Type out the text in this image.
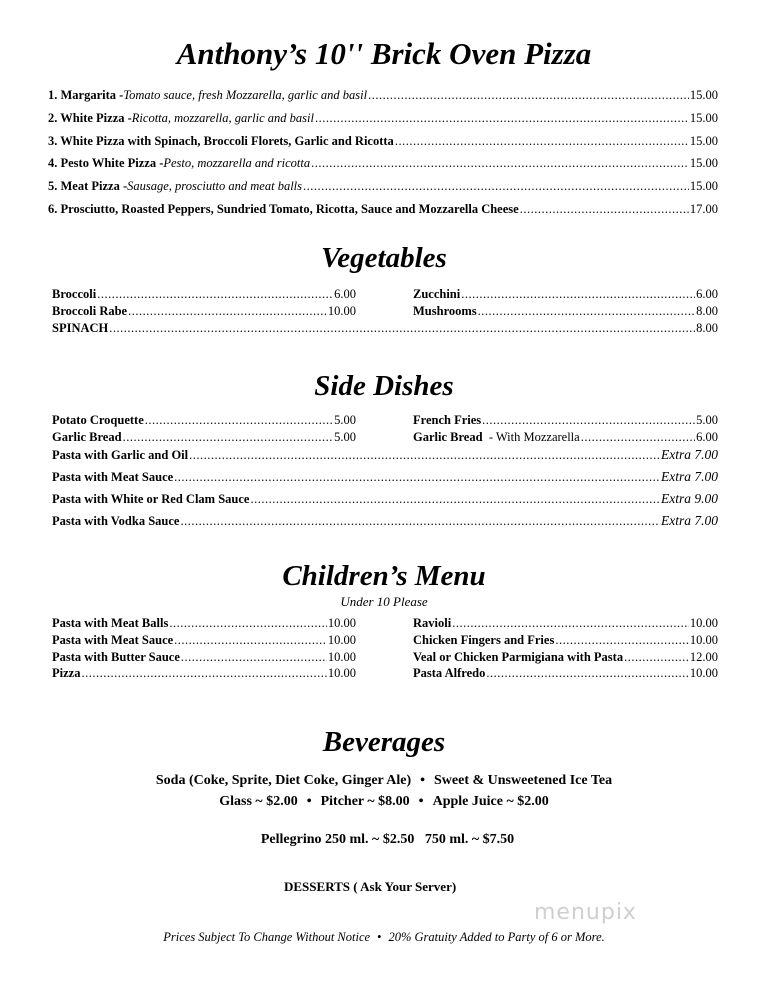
Anthony’s 10'' Brick Oven Pizza
1. Margarita - Tomato sauce, fresh Mozzarella, garlic and basil .....	15.00
2. White Pizza - Ricotta, mozzarella, garlic and basil .....	15.00
3. White Pizza with Spinach, Broccoli Florets, Garlic and Ricotta .....	15.00
4. Pesto White Pizza - Pesto, mozzarella and ricotta .....	15.00
5. Meat Pizza - Sausage, prosciutto and meat balls .....	15.00
6. Prosciutto, Roasted Peppers, Sundried Tomato, Ricotta, Sauce and Mozzarella Cheese .....	17.00
Vegetables
Broccoli .....	6.00
Broccoli Rabe .....	10.00
Zucchini .....	6.00
Mushrooms .....	8.00
SPINACH .....	8.00
Side Dishes
Potato Croquette .....	5.00
Garlic Bread .....	5.00
French Fries .....	5.00
Garlic Bread - With Mozzarella .....	6.00
Pasta with Garlic and Oil .....	Extra 7.00
Pasta with Meat Sauce .....	Extra 7.00
Pasta with White or Red Clam Sauce .....	Extra 9.00
Pasta with Vodka Sauce .....	Extra 7.00
Children’s Menu
Under 10 Please
Pasta with Meat Balls .....	10.00
Pasta with Meat Sauce .....	10.00
Pasta with Butter Sauce .....	10.00
Pizza .....	10.00
Ravioli .....	10.00
Chicken Fingers and Fries .....	10.00
Veal or Chicken Parmigiana with Pasta .....	12.00
Pasta Alfredo .....	10.00
Beverages
Soda (Coke, Sprite, Diet Coke, Ginger Ale) • Sweet & Unsweetened Ice Tea
Glass ~ $2.00 • Pitcher ~ $8.00 • Apple Juice ~ $2.00

Pellegrino 250 ml. ~ $2.50   750 ml. ~ $7.50

DESSERTS ( Ask Your Server)
menupix
Prices Subject To Change Without Notice • 20% Gratuity Added to Party of 6 or More.
